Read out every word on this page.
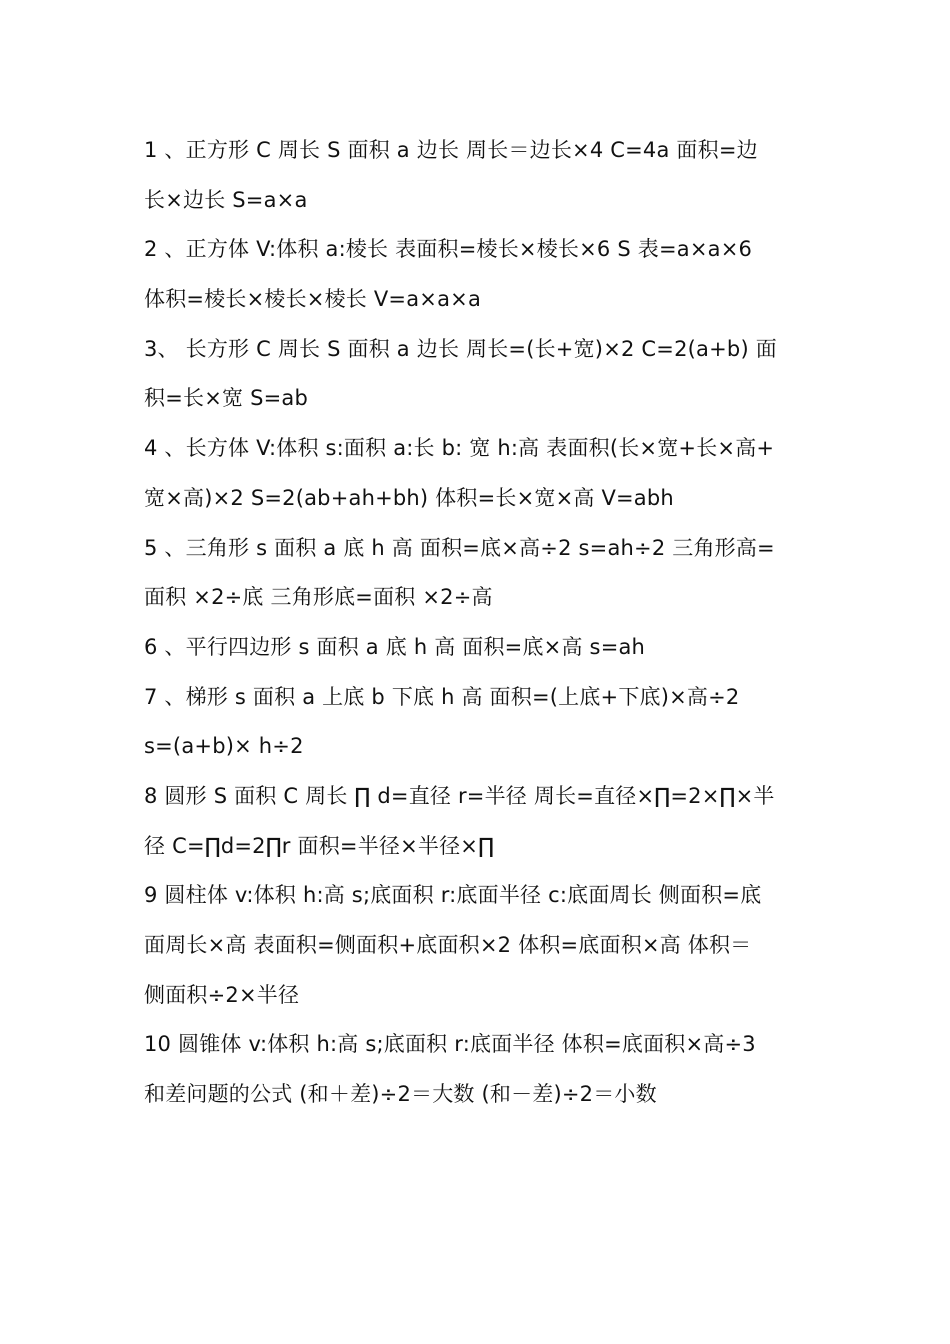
1 、正方形 C 周长 S 面积 a 边长 周长＝边长×4 C=4a 面积=边
长×边长 S=a×a
2 、正方体 V:体积 a:棱长 表面积=棱长×棱长×6 S 表=a×a×6
体积=棱长×棱长×棱长 V=a×a×a
3、 长方形 C 周长 S 面积 a 边长 周长=(长+宽)×2 C=2(a+b) 面
积=长×宽 S=ab
4 、长方体 V:体积 s:面积 a:长 b: 宽 h:高 表面积(长×宽+长×高+
宽×高)×2 S=2(ab+ah+bh) 体积=长×宽×高 V=abh
5 、三角形 s 面积 a 底 h 高 面积=底×高÷2 s=ah÷2 三角形高=
面积 ×2÷底 三角形底=面积 ×2÷高
6 、平行四边形 s 面积 a 底 h 高 面积=底×高 s=ah
7 、梯形 s 面积 a 上底 b 下底 h 高 面积=(上底+下底)×高÷2
s=(a+b)× h÷2
8 圆形 S 面积 C 周长 ∏ d=直径 r=半径 周长=直径×∏=2×∏×半
径 C=∏d=2∏r 面积=半径×半径×∏
9 圆柱体 v:体积 h:高 s;底面积 r:底面半径 c:底面周长 侧面积=底
面周长×高 表面积=侧面积+底面积×2 体积=底面积×高 体积＝
侧面积÷2×半径
10 圆锥体 v:体积 h:高 s;底面积 r:底面半径 体积=底面积×高÷3
和差问题的公式 (和＋差)÷2＝大数 (和－差)÷2＝小数
